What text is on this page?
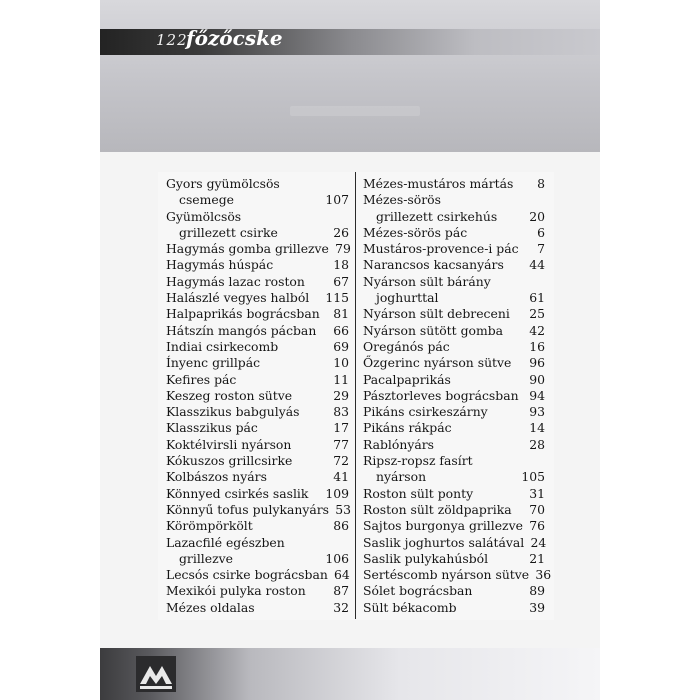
122
főzőcske
Gyors gyümölcsös
csemege	107
Gyümölcsös
grillezett csirke	26
Hagymás gomba grillezve 79
Hagymás húspác	18
Hagymás lazac roston	67
Halászlé vegyes halból	115
Halpaprikás bográcsban	81
Hátszín mangós pácban	66
Indiai csirkecomb	69
Ínyenc grillpác	10
Kefires pác	11
Keszeg roston sütve	29
Klasszikus babgulyás	83
Klasszikus pác	17
Koktélvirsli nyárson	77
Kókuszos grillcsirke	72
Kolbászos nyárs	41
Könnyed csirkés saslik	109
Könnyű tofus pulykanyárs 53
Körömpörkölt	86
Lazacfilé egészben
grillezve	106
Lecsós csirke bográcsban 64
Mexikói pulyka roston	87
Mézes oldalas	32
Mézes-mustáros mártás	8
Mézes-sörös
grillezett csirkehús	20
Mézes-sörös pác	6
Mustáros-provence-i pác	7
Narancsos kacsanyárs	44
Nyárson sült bárány
joghurttal	61
Nyárson sült debreceni	25
Nyárson sütött gomba	42
Oregánós pác	16
Őzgerinc nyárson sütve	96
Pacalpaprikás	90
Pásztorleves bográcsban 94
Pikáns csirkeszárny	93
Pikáns rákpác	14
Rablónyárs	28
Ripsz-ropsz fasírt
nyárson	105
Roston sült ponty	31
Roston sült zöldpaprika	70
Sajtos burgonya grillezve 76
Saslik joghurtos salátával 24
Saslik pulykahúsból	21
Sertéscomb nyárson sütve 36
Sólet bográcsban	89
Sült békacomb	39
